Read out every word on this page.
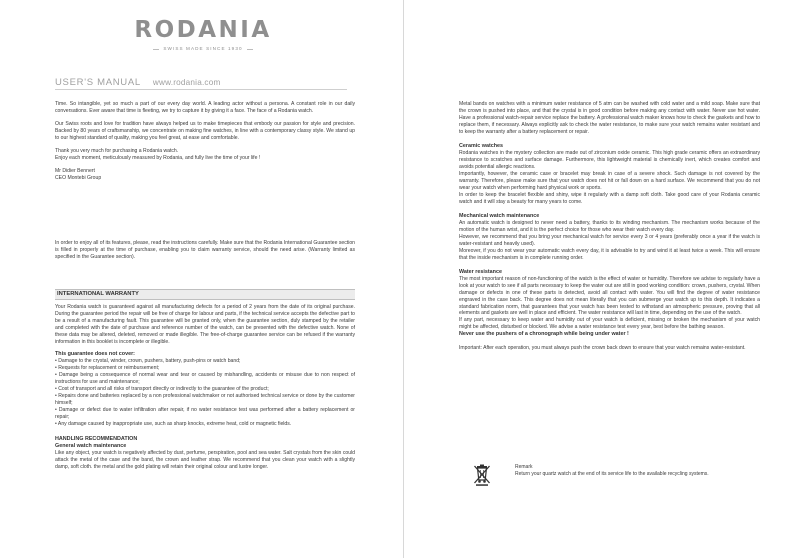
RODANIA
SWISS MADE SINCE 1930
USER'S MANUAL www.rodania.com

Time. So intangible, yet so much a part of our every day world. A leading actor without a persona. A constant role in our daily conversations. Ever aware that time is fleeting, we try to capture it by giving it a face. The face of a Rodania watch.

Our Swiss roots and love for tradition have always helped us to make timepieces that embody our passion for style and precision. Backed by 80 years of craftsmanship, we concentrate on making fine watches, in line with a contemporary classy style. We stand up to our highest standard of quality, making you feel great, at ease and comfortable.

Thank you very much for purchasing a Rodania watch.

Enjoy each moment, meticulously measured by Rodania, and fully live the time of your life !

Mr Didier Bennert

CEO Montebi Group

In order to enjoy all of its features, please, read the instructions carefully. Make sure that the Rodania International Guarantee section is filled in properly at the time of purchase, enabling you to claim warranty service, should the need arise. (Warranty limited as specified in the Guarantee section).

INTERNATIONAL WARRANTY

Your Rodania watch is guaranteed against all manufacturing defects for a period of 2 years from the date of its original purchase. During the guarantee period the repair will be free of charge for labour and parts, if the technical service accepts the defective part to be a result of a manufacturing fault. This guarantee will be granted only, when the guarantee section, duly stamped by the retailer and completed with the date of purchase and reference number of the watch, can be presented with the defective watch. None of these data may be altered, deleted, removed or made illegible. The free-of-charge guarantee service can be refused if the warranty information in this booklet is incomplete or illegible.

This guarantee does not cover:
• Damage to the crystal, winder, crown, pushers, battery, push-pins or watch band;
• Requests for replacement or reimbursement;
• Damage being a consequence of normal wear and tear or caused by mishandling, accidents or misuse due to non respect of instructions for use and maintenance;
• Cost of transport and all risks of transport directly or indirectly to the guarantee of the product;
• Repairs done and batteries replaced by a non professional watchmaker or not authorised technical service or done by the customer himself;
• Damage or defect due to water infiltration after repair, if no water resistance test was performed after a battery replacement or repair;
• Any damage caused by inappropriate use, such as sharp knocks, extreme heat, cold or magnetic fields.
HANDLING RECOMMENDATION
General watch maintenance

Like any object, your watch is negatively affected by dust, perfume, perspiration, pool and sea water. Salt crystals from the skin could attack the metal of the case and the band, the crown and leather strap. We recommend that you clean your watch with a slightly damp, soft cloth. the metal and the gold plating will retain their original colour and lustre longer.

Metal bands on watches with a minimum water resistance of 5 atm can be washed with cold water and a mild soap. Make sure that the crown is pushed into place, and that the crystal is in good condition before making any contact with water. Never use hot water. Have a professional watch-repair service replace the battery. A professional watch maker knows how to check the gaskets and how to replace them, if necessary. Always explicitly ask to check the water resistance, to make sure your watch remains water resistant and to keep the warranty after a battery replacement or repair.

Ceramic watches

Rodania watches in the mystery collection are made out of zirconium oxide ceramic. This high grade ceramic offers an extraordinary resistance to scratches and surface damage. Furthermore, this lightweight material is chemically inert, which creates comfort and avoids potential allergic reactions.

Importantly, however, the ceramic case or bracelet may break in case of a severe shock. Such damage is not covered by the warranty. Therefore, please make sure that your watch does not hit or fall down on a hard surface. We recommend that you do not wear your watch when performing hard physical work or sports.

In order to keep the bracelet flexible and shiny, wipe it regularly with a damp soft cloth. Take good care of your Rodania ceramic watch and it will stay a beauty for many years to come.

Mechanical watch maintenance

An automatic watch is designed to never need a battery, thanks to its winding mechanism. The mechanism works because of the motion of the human wrist, and it is the perfect choice for those who wear their watch every day.

However, we recommend that you bring your mechanical watch for service every 3 or 4 years (preferably once a year if the watch is water-resistant and heavily used).

Moreover, if you do not wear your automatic watch every day, it is advisable to try and wind it at least twice a week. This will ensure that the inside mechanism is in complete running order.

Water resistance

The most important reason of non-functioning of the watch is the effect of water or humidity. Therefore we advise to regularly have a look at your watch to see if all parts necessary to keep the water out are still in good working condition: crown, pushers, crystal. When damage or defects in one of these parts is detected, avoid all contact with water. You will find the degree of water resistance engraved in the case back. This degree does not mean literally that you can submerge your watch up to this depth. It indicates a standard fabrication norm, that guarantees that your watch has been tested to withstand an atmospheric pressure, proving that all elements and gaskets are well in place and efficient. The water resistance will last in time, depending on the use of the watch.

If any part, necessary to keep water and humidity out of your watch is deficient, missing or broken the mechanism of your watch might be affected, disturbed or blocked. We advise a water resistance test every year, best before the bathing season.

Never use the pushers of a chronograph while being under water !

Important: After each operation, you must always push the crown back down to ensure that your watch remains water-resistant.

Remark
Return your quartz watch at the end of its service life to the available recycling systems.
